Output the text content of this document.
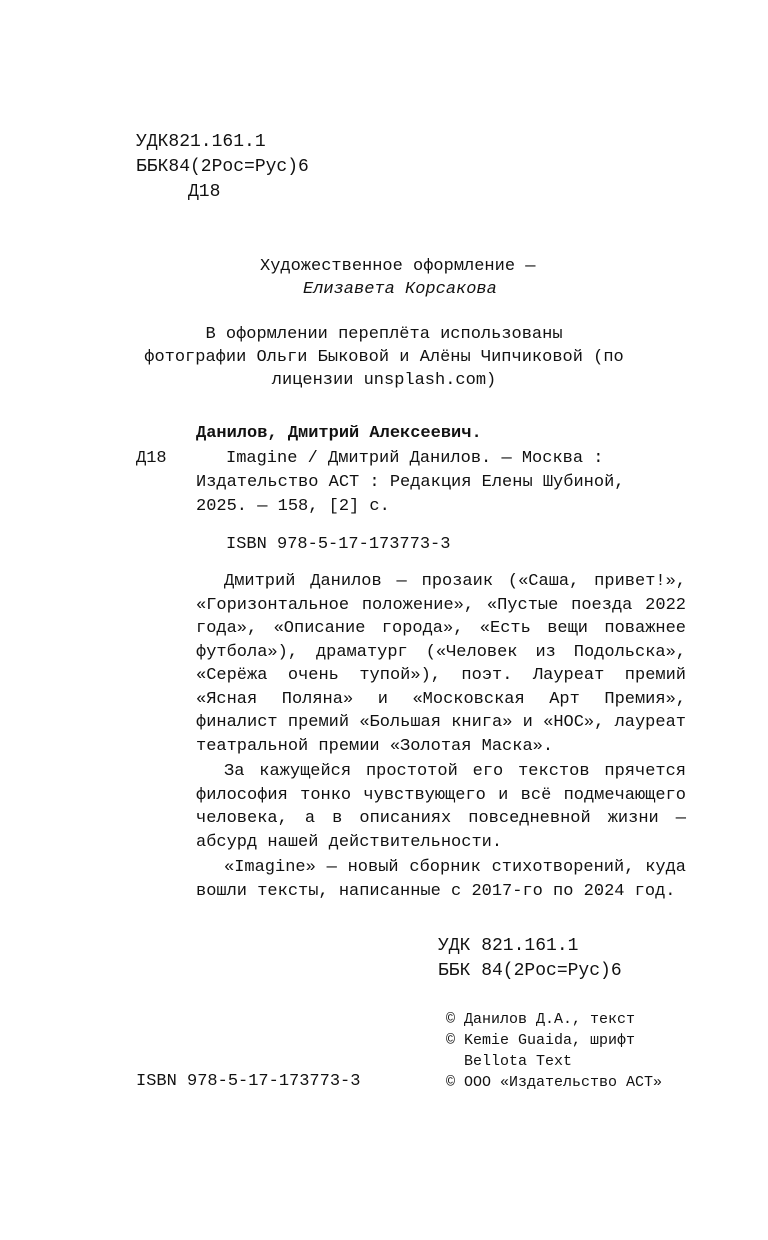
УДК821.161.1
ББК84(2Рос=Рус)6
Д18
Художественное оформление —
Елизавета Корсакова
В оформлении переплёта использованы
фотографии Ольги Быковой и Алёны Чипчиковой (по
лицензии unsplash.com)
Данилов, Дмитрий Алексеевич.
Д18	Imagine / Дмитрий Данилов. — Москва :
Издательство АСТ : Редакция Елены Шубиной,
2025. — 158, [2] с.
ISBN 978-5-17-173773-3

Дмитрий Данилов — прозаик («Саша, привет!», «Горизонтальное положение», «Пустые поезда 2022 года», «Описание города», «Есть вещи поважнее футбола»), драматург («Человек из Подольска», «Серёжа очень тупой»), поэт. Лауреат премий «Ясная Поляна» и «Московская Арт Премия», финалист премий «Большая книга» и «НОС», лауреат театральной премии «Золотая Маска».

За кажущейся простотой его текстов прячется философия тонко чувствующего и всё подмечающего человека, а в описаниях повседневной жизни — абсурд нашей действительности.

«Imagine» — новый сборник стихотворений, куда вошли тексты, написанные с 2017-го по 2024 год.

УДК 821.161.1
ББК 84(2Рос=Рус)6
© Данилов Д.А., текст
© Kemie Guaida, шрифт
Bellota Text
© ООО «Издательство АСТ»
ISBN 978-5-17-173773-3
